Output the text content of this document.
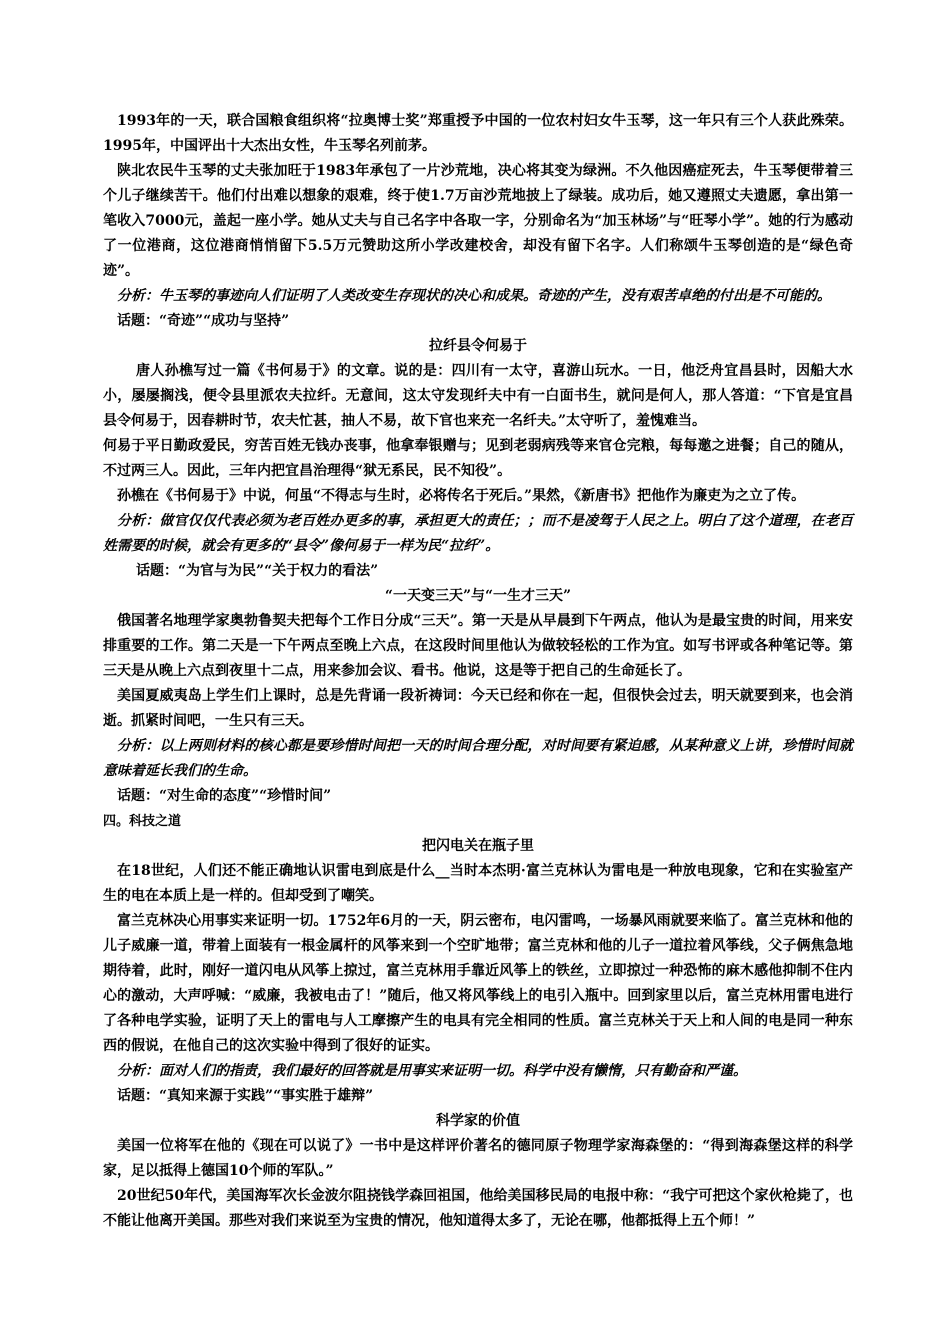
1993年的一天，联合国粮食组织将“拉奥博士奖”郑重授予中国的一位农村妇女牛玉琴，这一年只有三个人获此殊荣。1995年，中国评出十大杰出女性，牛玉琴名列前茅。

陕北农民牛玉琴的丈夫张加旺于1983年承包了一片沙荒地，决心将其变为绿洲。不久他因癌症死去，牛玉琴便带着三个儿子继续苦干。他们付出难以想象的艰难，终于使1.7万亩沙荒地披上了绿装。成功后，她又遵照丈夫遗愿，拿出第一笔收入7000元，盖起一座小学。她从丈夫与自己名字中各取一字，分别命名为“加玉林场”与“旺琴小学”。她的行为感动了一位港商，这位港商悄悄留下5.5万元赞助这所小学改建校舍，却没有留下名字。人们称颂牛玉琴创造的是“绿色奇迹”。

分析：牛玉琴的事迹向人们证明了人类改变生存现状的决心和成果。奇迹的产生，没有艰苦卓绝的付出是不可能的。

话题：“奇迹”“成功与坚持”

拉纤县令何易于

唐人孙樵写过一篇《书何易于》的文章。说的是：四川有一太守，喜游山玩水。一日，他泛舟宜昌县时，因船大水小，屡屡搁浅，便令县里派农夫拉纤。无意间，这太守发现纤夫中有一白面书生，就问是何人，那人答道：“下官是宜昌县令何易于，因春耕时节，农夫忙甚，抽人不易，故下官也来充一名纤夫。”太守听了，羞愧难当。

何易于平日勤政爱民，穷苦百姓无钱办丧事，他拿奉银赠与；见到老弱病残等来官仓完粮，每每邀之进餐；自己的随从，不过两三人。因此，三年内把宜昌治理得“狱无系民，民不知役”。

孙樵在《书何易于》中说，何虽“不得志与生时，必将传名于死后。”果然，《新唐书》把他作为廉吏为之立了传。

分析：做官仅仅代表必须为老百姓办更多的事，承担更大的责任；；而不是凌驾于人民之上。明白了这个道理，在老百姓需要的时候，就会有更多的“县令”像何易于一样为民“拉纤”。

话题：“为官与为民”“关于权力的看法”

“一天变三天”与“一生才三天”

俄国著名地理学家奥勃鲁契夫把每个工作日分成“三天”。第一天是从早晨到下午两点，他认为是最宝贵的时间，用来安排重要的工作。第二天是一下午两点至晚上六点，在这段时间里他认为做较轻松的工作为宜。如写书评或各种笔记等。第三天是从晚上六点到夜里十二点，用来参加会议、看书。他说，这是等于把自己的生命延长了。

美国夏威夷岛上学生们上课时，总是先背诵一段祈祷词：今天已经和你在一起，但很快会过去，明天就要到来，也会消逝。抓紧时间吧，一生只有三天。

分析：以上两则材料的核心都是要珍惜时间把一天的时间合理分配，对时间要有紧迫感，从某种意义上讲，珍惜时间就意味着延长我们的生命。

话题：“对生命的态度”“珍惜时间”

四。科技之道

把闪电关在瓶子里

在18世纪，人们还不能正确地认识雷电到底是什么__当时本杰明·富兰克林认为雷电是一种放电现象，它和在实验室产生的电在本质上是一样的。但却受到了嘲笑。

富兰克林决心用事实来证明一切。1752年6月的一天，阴云密布，电闪雷鸣，一场暴风雨就要来临了。富兰克林和他的儿子威廉一道，带着上面装有一根金属杆的风筝来到一个空旷地带；富兰克林和他的儿子一道拉着风筝线，父子俩焦急地期待着，此时，刚好一道闪电从风筝上掠过，富兰克林用手靠近风筝上的铁丝，立即掠过一种恐怖的麻木感他抑制不住内心的激动，大声呼喊：“威廉，我被电击了！”随后，他又将风筝线上的电引入瓶中。回到家里以后，富兰克林用雷电进行了各种电学实验，证明了天上的雷电与人工摩擦产生的电具有完全相同的性质。富兰克林关于天上和人间的电是同一种东西的假说，在他自己的这次实验中得到了很好的证实。

分析：面对人们的指责，我们最好的回答就是用事实来证明一切。科学中没有懒惰，只有勤奋和严谨。

话题：“真知来源于实践”“事实胜于雄辩”

科学家的价值

美国一位将军在他的《现在可以说了》一书中是这样评价著名的德同原子物理学家海森堡的：“得到海森堡这样的科学家，足以抵得上德国10个师的军队。”

20世纪50年代，美国海军次长金波尔阻挠钱学森回祖国，他给美国移民局的电报中称：“我宁可把这个家伙枪毙了，也不能让他离开美国。那些对我们来说至为宝贵的情况，他知道得太多了，无论在哪，他都抵得上五个师！”
